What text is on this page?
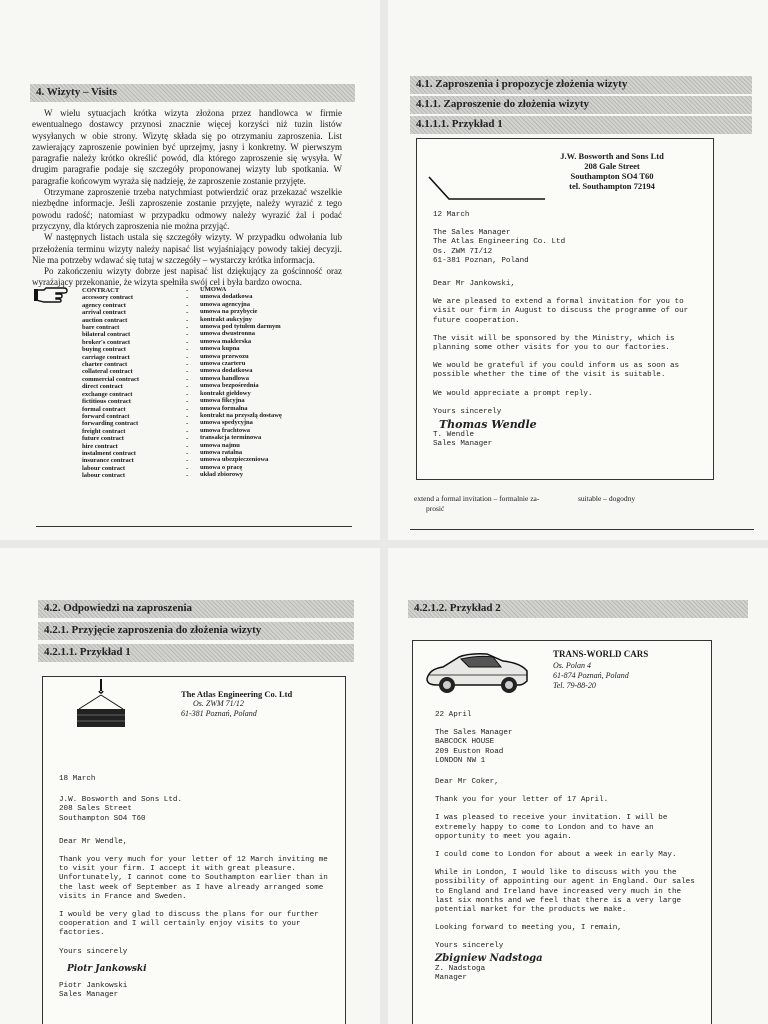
4. Wizyty – Visits

W wielu sytuacjach krótka wizyta złożona przez handlowca w firmie ewentualnego dostawcy przynosi znacznie więcej korzyści niż tuzin listów wysyłanych w obie strony. Wizytę składa się po otrzymaniu zaproszenia. List zawierający zaproszenie powinien być uprzejmy, jasny i konkretny. W pierwszym paragrafie należy krótko określić powód, dla którego zaproszenie się wysyła. W drugim paragrafie podaje się szczegóły proponowanej wizyty lub spotkania. W paragrafie końcowym wyraża się nadzieję, że zaproszenie zostanie przyjęte.

Otrzymane zaproszenie trzeba natychmiast potwierdzić oraz przekazać wszelkie niezbędne informacje. Jeśli zaproszenie zostanie przyjęte, należy wyrazić z tego powodu radość; natomiast w przypadku odmowy należy wyrazić żal i podać przyczyny, dla których zaproszenia nie można przyjąć.

W następnych listach ustala się szczegóły wizyty. W przypadku odwołania lub przełożenia terminu wizyty należy napisać list wyjaśniający powody takiej decyzji. Nie ma potrzeby wdawać się tutaj w szczegóły – wystarczy krótka informacja.

Po zakończeniu wizyty dobrze jest napisać list dziękujący za gościnność oraz wyrażający przekonanie, że wizyta spełniła swój cel i była bardzo owocna.

CONTRACT
accessory contract
agency contract
arrival contract
auction contract
bare contract
bilateral contract
broker's contract
buying contract
carriage contract
charter contract
collateral contract
commercial contract
direct contract
exchange contract
fictitious contract
formal contract
forward contract
forwarding contract
freight contract
future contract
hire contract
instalment contract
insurance contract
labour contract
labour contract
-
-
-
-
-
-
-
-
-
-
-
-
-
-
-
-
-
-
-
-
-
-
-
-
-
-
UMOWA
umowa dodatkowa
umowa agencyjna
umowa na przybycie
kontrakt aukcyjny
umowa pod tytułem darmym
umowa dwustronna
umowa maklerska
umowa kupna
umowa przewozu
umowa czarteru
umowa dodatkowa
umowa handlowa
umowa bezpośrednia
kontrakt giełdowy
umowa fikcyjna
umowa formalna
kontrakt na przyszłą dostawę
umowa spedycyjna
umowa frachtowa
transakcja terminowa
umowa najmu
umowa ratalna
umowa ubezpieczeniowa
umowa o pracę
układ zbiorowy
4.1. Zaproszenia i propozycje złożenia wizyty
4.1.1. Zaproszenie do złożenia wizyty
4.1.1.1. Przykład 1
J.W. Bosworth and Sons Ltd
208 Gale Street
Southampton SO4 T60
tel. Southampton 72194
12 March
The Sales Manager
The Atlas Engineering Co. Ltd
Os. ZWM 7I/12
61-381 Poznan, Poland
Dear Mr Jankowski,
We are pleased to extend a formal invitation for you to visit our firm in August to discuss the programme of our future cooperation.
The visit will be sponsored by the Ministry, which is planning some other visits for you to our factories.
We would be grateful if you could inform us as soon as possible whether the time of the visit is suitable.
We would appreciate a prompt reply.
Yours sincerely
Thomas Wendle
T. Wendle
Sales Manager
extend a formal invitation – formalnie za-
prosić
suitable – dogodny
4.2. Odpowiedzi na zaproszenia
4.2.1. Przyjęcie zaproszenia do złożenia wizyty
4.2.1.1. Przykład 1
The Atlas Engineering Co. Ltd
Os. ZWM 71/12
61-381 Poznań, Poland
18 March
J.W. Bosworth and Sons Ltd.
208 Sales Street
Southampton SO4 T60
Dear Mr Wendle,
Thank you very much for your letter of 12 March inviting me to visit your firm. I accept it with great pleasure. Unfortunately, I cannot come to Southampton earlier than in the last week of September as I have already arranged some visits in France and Sweden.
I would be very glad to discuss the plans for our further cooperation and I will certainly enjoy visits to your factories.
Yours sincerely
Piotr Jankowski
Piotr Jankowski
Sales Manager
4.2.1.2. Przykład 2
TRANS-WORLD CARS
Os. Polan 4
61-874 Poznań, Poland
Tel. 79-88-20
22 April
The Sales Manager
BABCOCK HOUSE
209 Euston Road
LONDON NW 1
Dear Mr Coker,
Thank you for your letter of 17 April.
I was pleased to receive your invitation. I will be extremely happy to come to London and to have an opportunity to meet you again.
I could come to London for about a week in early May.
While in London, I would like to discuss with you the possibility of appointing our agent in England. Our sales to England and Ireland have increased very much in the last six months and we feel that there is a very large potential market for the products we make.
Looking forward to meeting you, I remain,
Yours sincerely
Zbigniew Nadstoga
Z. Nadstoga
Manager
